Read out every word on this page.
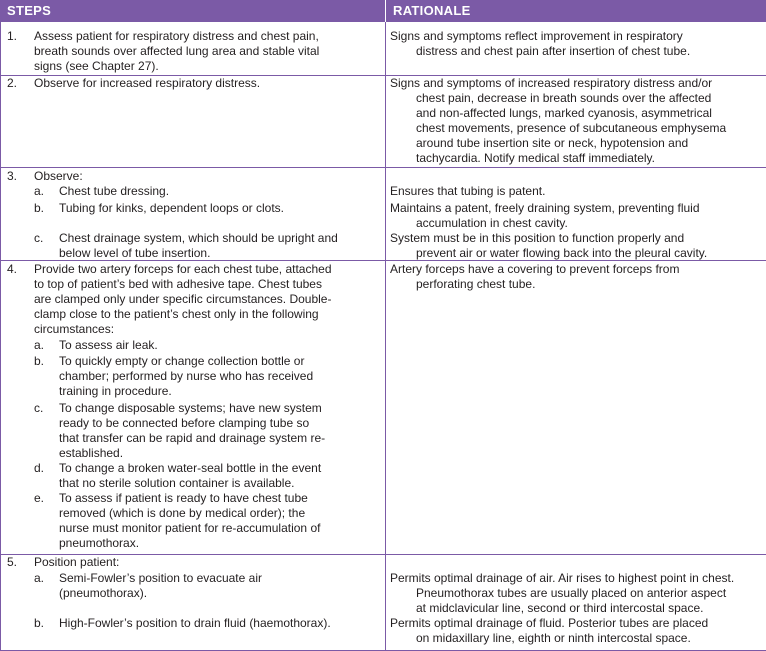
STEPS	RATIONALE
1. Assess patient for respiratory distress and chest pain,
breath sounds over affected lung area and stable vital
signs (see Chapter 27).
2. Observe for increased respiratory distress.
3. Observe:
a. Chest tube dressing.
b. Tubing for kinks, dependent loops or clots.
c. Chest drainage system, which should be upright and
below level of tube insertion.
4. Provide two artery forceps for each chest tube, attached
to top of patient’s bed with adhesive tape. Chest tubes
are clamped only under specific circumstances. Double-
clamp close to the patient’s chest only in the following
circumstances:
a. To assess air leak.
b. To quickly empty or change collection bottle or
chamber; performed by nurse who has received
training in procedure.
c. To change disposable systems; have new system
ready to be connected before clamping tube so
that transfer can be rapid and drainage system re-
established.
d. To change a broken water-seal bottle in the event
that no sterile solution container is available.
e. To assess if patient is ready to have chest tube
removed (which is done by medical order); the
nurse must monitor patient for re-accumulation of
pneumothorax.
5. Position patient:
a. Semi-Fowler’s position to evacuate air
(pneumothorax).
b. High-Fowler’s position to drain fluid (haemothorax).
Signs and symptoms reflect improvement in respiratory
distress and chest pain after insertion of chest tube.
Signs and symptoms of increased respiratory distress and/or
chest pain, decrease in breath sounds over the affected
and non-affected lungs, marked cyanosis, asymmetrical
chest movements, presence of subcutaneous emphysema
around tube insertion site or neck, hypotension and
tachycardia. Notify medical staff immediately.
Ensures that tubing is patent.
Maintains a patent, freely draining system, preventing fluid
accumulation in chest cavity.
System must be in this position to function properly and
prevent air or water flowing back into the pleural cavity.
Artery forceps have a covering to prevent forceps from
perforating chest tube.
Permits optimal drainage of air. Air rises to highest point in chest.
Pneumothorax tubes are usually placed on anterior aspect
at midclavicular line, second or third intercostal space.
Permits optimal drainage of fluid. Posterior tubes are placed
on midaxillary line, eighth or ninth intercostal space.
